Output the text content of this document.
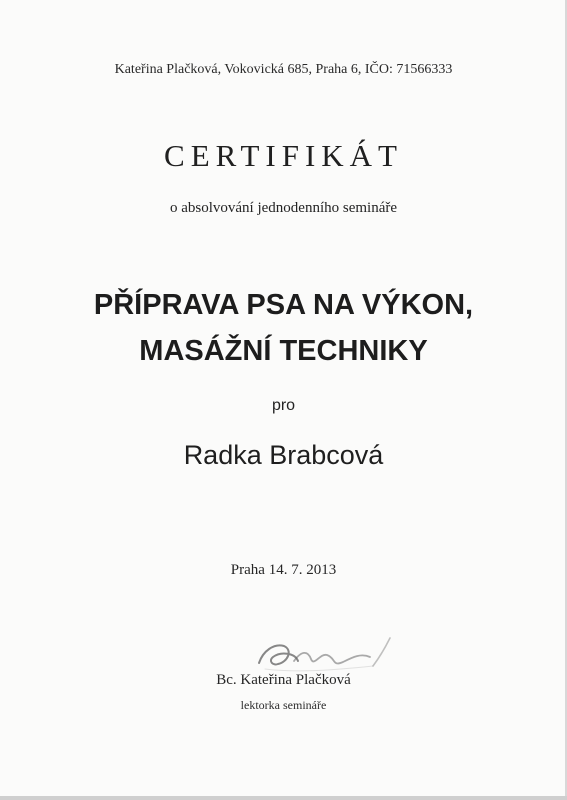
Kateřina Plačková, Vokovická 685, Praha 6, IČO: 71566333
CERTIFIKÁT
o absolvování jednodenního semináře
PŘÍPRAVA PSA NA VÝKON,
MASÁŽNÍ TECHNIKY
pro
Radka Brabcová
Praha 14. 7. 2013
Bc. Kateřina Plačková
lektorka semináře
